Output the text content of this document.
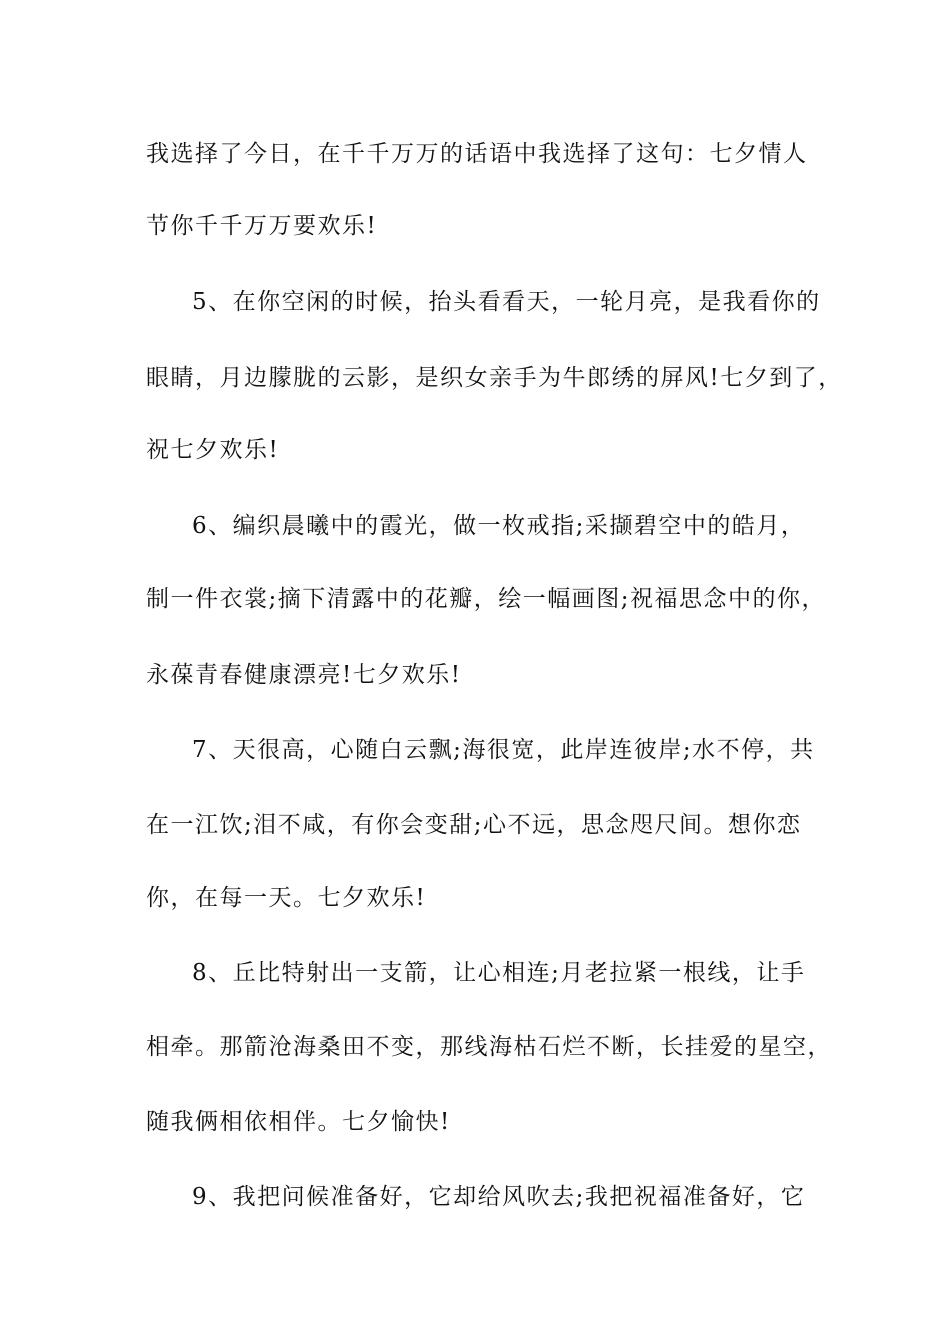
我选择了今日，在千千万万的话语中我选择了这句：七夕情人
节你千千万万要欢乐!
5、在你空闲的时候，抬头看看天，一轮月亮，是我看你的
眼睛，月边朦胧的云影，是织女亲手为牛郎绣的屏风!七夕到了，
祝七夕欢乐!
6、编织晨曦中的霞光，做一枚戒指;采撷碧空中的皓月，
制一件衣裳;摘下清露中的花瓣，绘一幅画图;祝福思念中的你，
永葆青春健康漂亮!七夕欢乐!
7、天很高，心随白云飘;海很宽，此岸连彼岸;水不停，共
在一江饮;泪不咸，有你会变甜;心不远，思念咫尺间。想你恋
你，在每一天。七夕欢乐!
8、丘比特射出一支箭，让心相连;月老拉紧一根线，让手
相牵。那箭沧海桑田不变，那线海枯石烂不断，长挂爱的星空，
随我俩相依相伴。七夕愉快!
9、我把问候准备好，它却给风吹去;我把祝福准备好，它
